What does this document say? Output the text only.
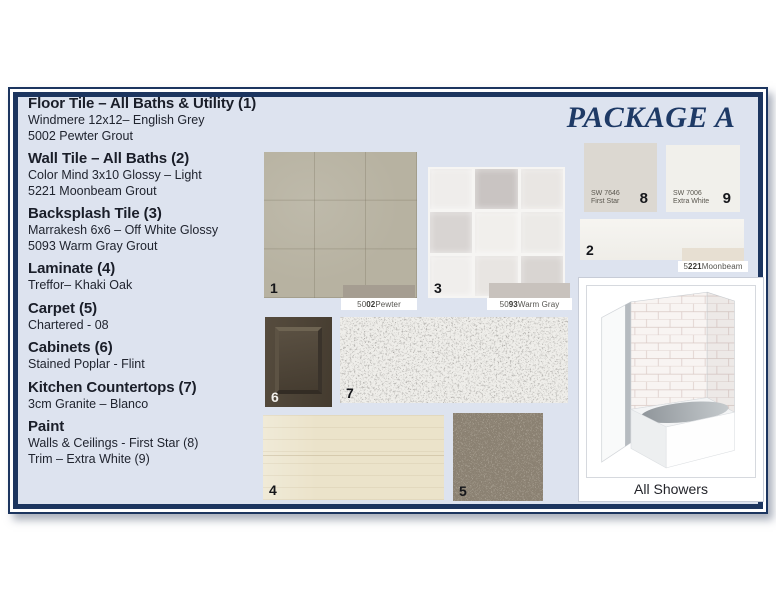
Floor Tile – All Baths & Utility (1)
Windmere 12x12– English Grey
5002 Pewter Grout
Wall Tile – All Baths (2)
Color Mind 3x10 Glossy – Light
5221 Moonbeam Grout
Backsplash Tile (3)
Marrakesh 6x6 – Off White Glossy
5093 Warm Gray Grout
Laminate (4)
Treffor– Khaki Oak
Carpet (5)
Chartered - 08
Cabinets (6)
Stained Poplar - Flint
Kitchen Countertops (7)
3cm Granite – Blanco
Paint
Walls & Ceilings - First Star (8)
Trim – Extra White (9)
PACKAGE A
1
50 02 Pewter
3
50 93 Warm Gray
SW 7646
First Star 8	SW 7006
Extra White 9
2
5 221 Moonbeam
6	7
4	5	All Showers
